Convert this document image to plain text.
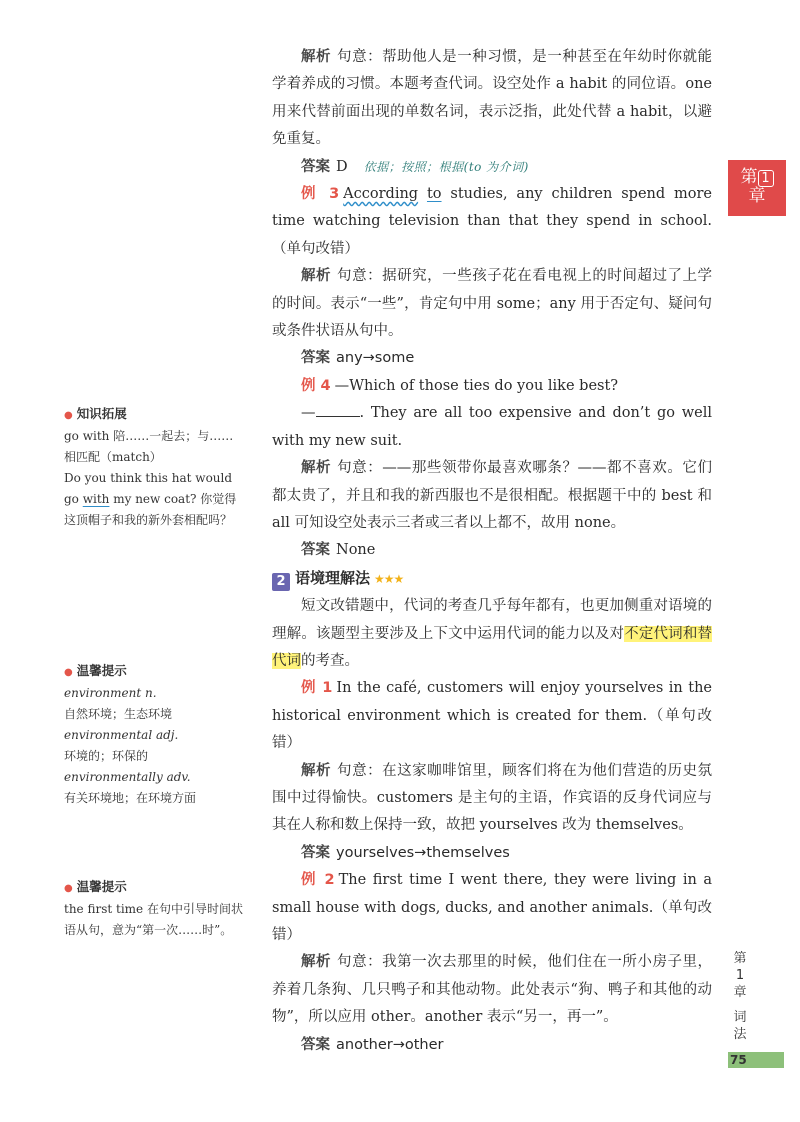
解析 句意：帮助他人是一种习惯，是一种甚至在年幼时你就能学着养成的习惯。本题考查代词。设空处作 a habit 的同位语。one 用来代替前面出现的单数名词，表示泛指，此处代替 a habit，以避免重复。

答案 D 依据；按照；根据(to 为介词)

例 3 According to studies, any children spend more time watching television than that they spend in school.（单句改错）

解析 句意：据研究，一些孩子花在看电视上的时间超过了上学的时间。表示“一些”，肯定句中用 some；any 用于否定句、疑问句或条件状语从句中。

答案 any→some

例 4 —Which of those ties do you like best?

—	. They are all too expensive and don’t go well with my new suit.

解析 句意：——那些领带你最喜欢哪条？——都不喜欢。它们都太贵了，并且和我的新西服也不是很相配。根据题干中的 best 和 all 可知设空处表示三者或三者以上都不，故用 none。

答案 None

2 语境理解法 ★★★

短文改错题中，代词的考查几乎每年都有，也更加侧重对语境的理解。该题型主要涉及上下文中运用代词的能力以及对不定代词和替代词的考查。

例 1 In the café, customers will enjoy yourselves in the historical environment which is created for them.（单句改错）

解析 句意：在这家咖啡馆里，顾客们将在为他们营造的历史氛围中过得愉快。customers 是主句的主语，作宾语的反身代词应与其在人称和数上保持一致，故把 yourselves 改为 themselves。

答案 yourselves→themselves

例 2 The first time I went there, they were living in a small house with dogs, ducks, and another animals.（单句改错）

解析 句意：我第一次去那里的时候，他们住在一所小房子里，养着几条狗、几只鸭子和其他动物。此处表示“狗、鸭子和其他的动物”，所以应用 other。another 表示“另一，再一”。

答案 another→other

● 知识拓展

go with 陪……一起去；与……相匹配（match）

Do you think this hat would go with my new coat? 你觉得这顶帽子和我的新外套相配吗？

● 温馨提示

environment n.

自然环境；生态环境

environmental adj.

环境的；环保的

environmentally adv.

有关环境地；在环境方面

● 温馨提示

the first time 在句中引导时间状语从句，意为“第一次……时”。

第 1
章
第
1
章
词
法
75
